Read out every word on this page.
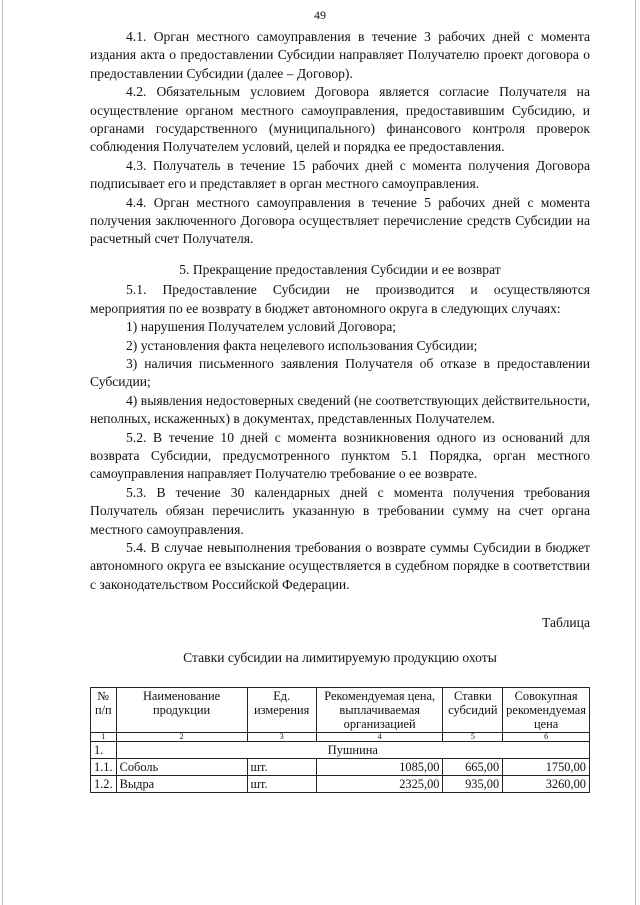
49

4.1. Орган местного самоуправления в течение 3 рабочих дней с момента издания акта о предоставлении Субсидии направляет Получателю проект договора о предоставлении Субсидии (далее – Договор).

4.2. Обязательным условием Договора является согласие Получателя на осуществление органом местного самоуправления, предоставившим Субсидию, и органами государственного (муниципального) финансового контроля проверок соблюдения Получателем условий, целей и порядка ее предоставления.

4.3. Получатель в течение 15 рабочих дней с момента получения Договора подписывает его и представляет в орган местного самоуправления.

4.4. Орган местного самоуправления в течение 5 рабочих дней с момента получения заключенного Договора осуществляет перечисление средств Субсидии на расчетный счет Получателя.

5. Прекращение предоставления Субсидии и ее возврат

5.1. Предоставление Субсидии не производится и осуществляются мероприятия по ее возврату в бюджет автономного округа в следующих случаях:

1) нарушения Получателем условий Договора;

2) установления факта нецелевого использования Субсидии;

3) наличия письменного заявления Получателя об отказе в предоставлении Субсидии;

4) выявления недостоверных сведений (не соответствующих действительности, неполных, искаженных) в документах, представленных Получателем.

5.2. В течение 10 дней с момента возникновения одного из оснований для возврата Субсидии, предусмотренного пунктом 5.1 Порядка, орган местного самоуправления направляет Получателю требование о ее возврате.

5.3. В течение 30 календарных дней с момента получения требования Получатель обязан перечислить указанную в требовании сумму на счет органа местного самоуправления.

5.4. В случае невыполнения требования о возврате суммы Субсидии в бюджет автономного округа ее взыскание осуществляется в судебном порядке в соответствии с законодательством Российской Федерации.

Таблица
Ставки субсидии на лимитируемую продукцию охоты
№ п/п	Наименование продукции	Ед. измерения	Рекомендуемая цена, выплачиваемая организацией	Ставки субсидий	Совокупная рекомендуемая цена
1	2	3	4	5	6
1.	Пушнина				
1.1.	Соболь	шт.	1085,00	665,00	1750,00
1.2.	Выдра	шт.	2325,00	935,00	3260,00
